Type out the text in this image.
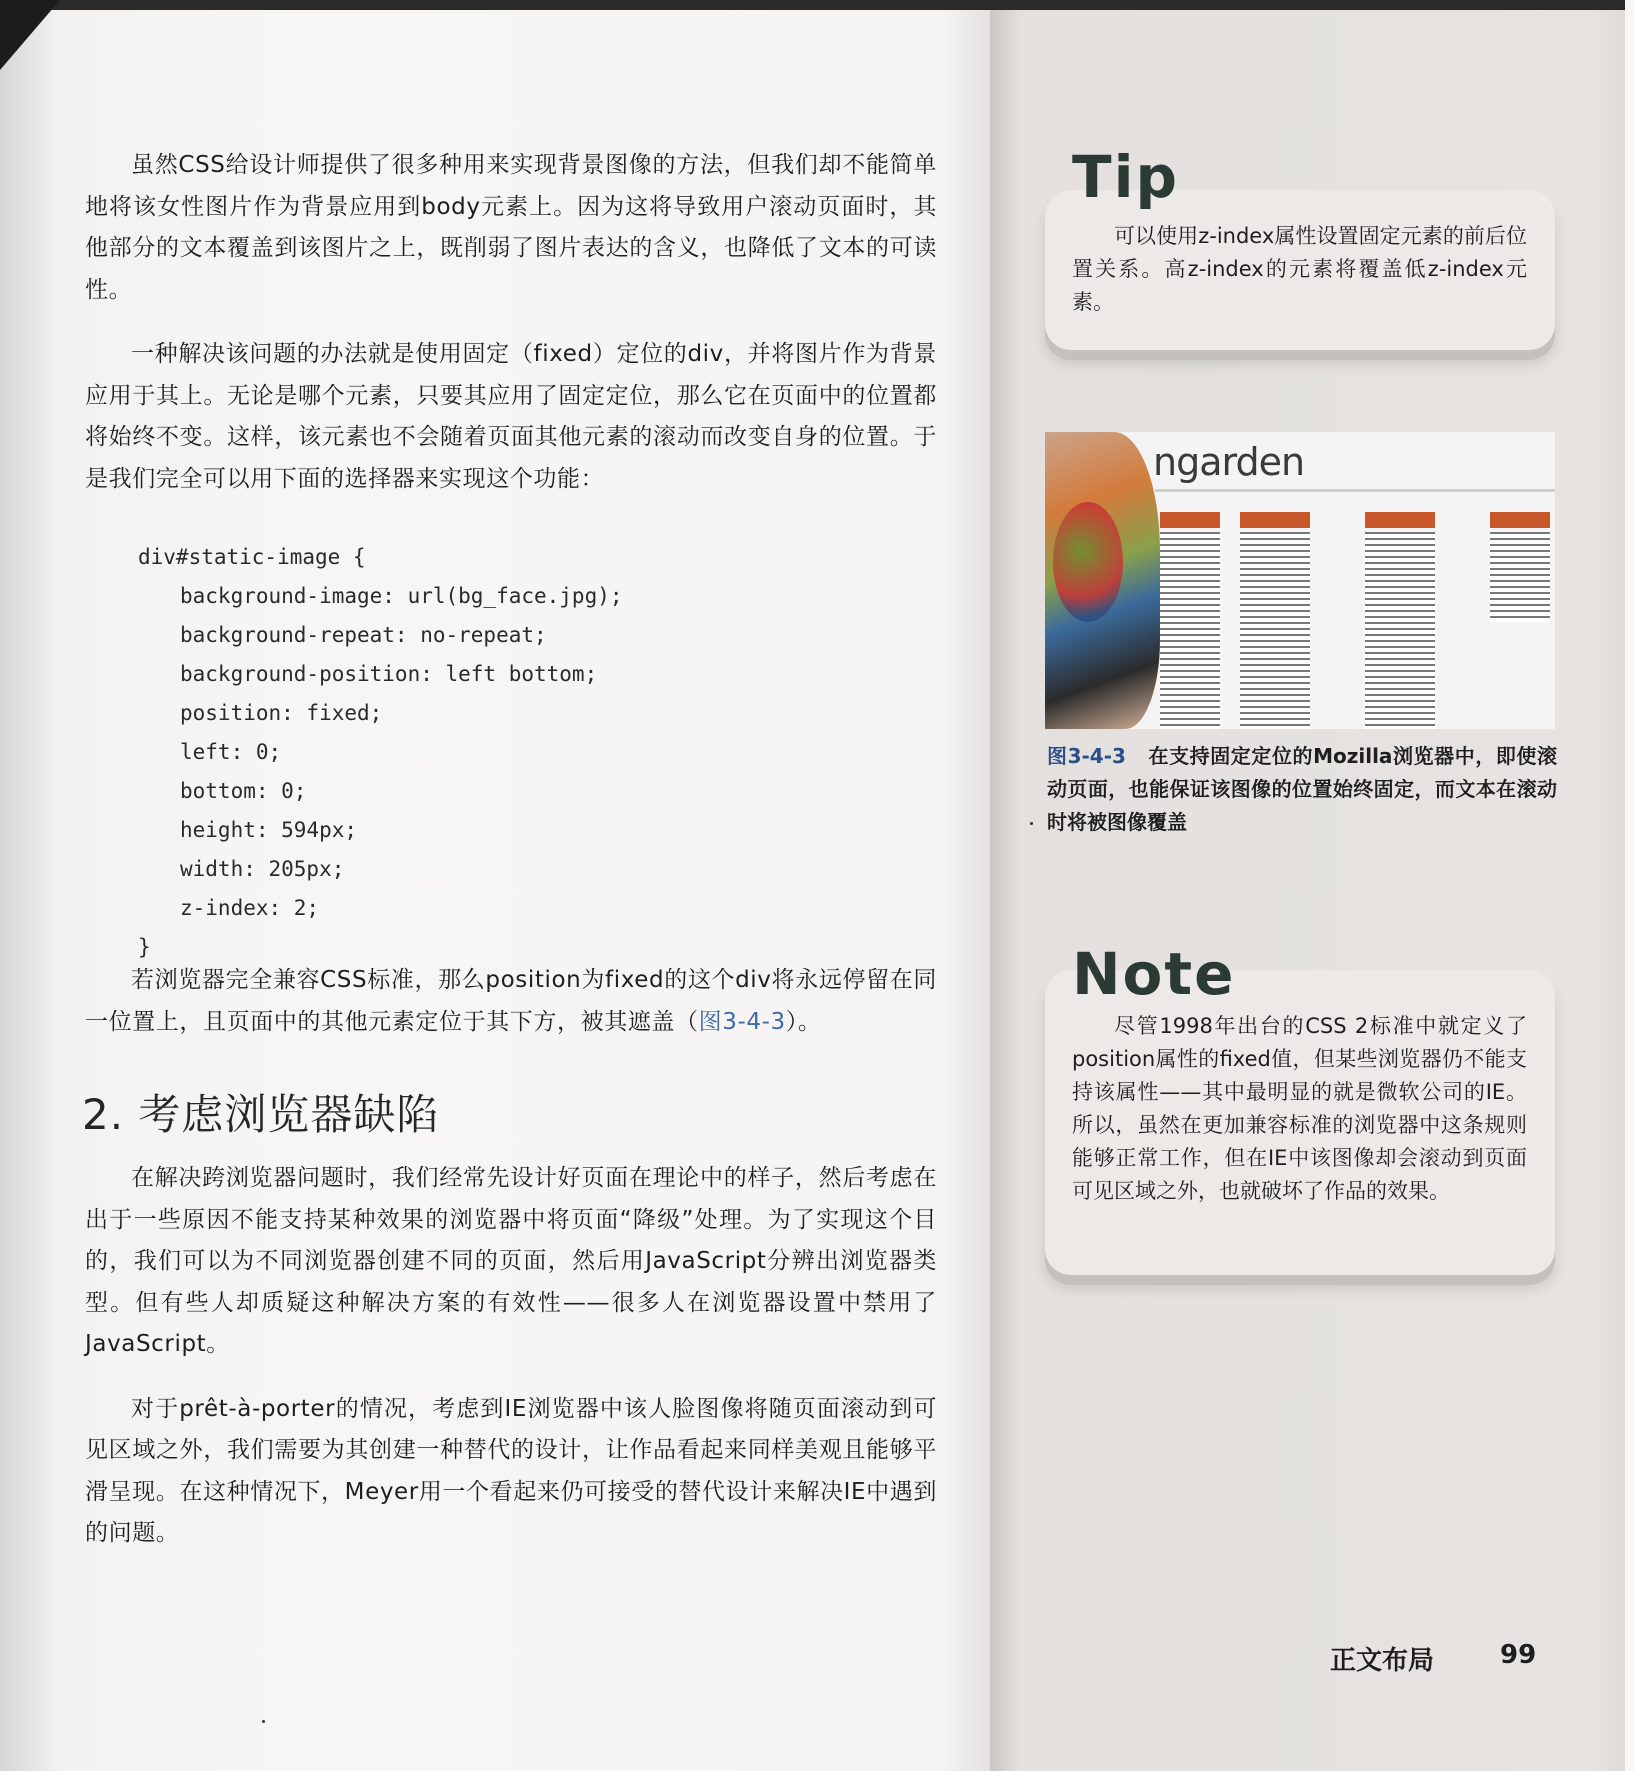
虽然CSS给设计师提供了很多种用来实现背景图像的方法，但我们却不能简单地将该女性图片作为背景应用到body元素上。因为这将导致用户滚动页面时，其他部分的文本覆盖到该图片之上，既削弱了图片表达的含义，也降低了文本的可读性。

一种解决该问题的办法就是使用固定（fixed）定位的div，并将图片作为背景应用于其上。无论是哪个元素，只要其应用了固定定位，那么它在页面中的位置都将始终不变。这样，该元素也不会随着页面其他元素的滚动而改变自身的位置。于是我们完全可以用下面的选择器来实现这个功能：

div#static-image {
background-image: url(bg_face.jpg);
background-repeat: no-repeat;
background-position: left bottom;
position: fixed;
left: 0;
bottom: 0;
height: 594px;
width: 205px;
z-index: 2;
}

若浏览器完全兼容CSS标准，那么position为fixed的这个div将永远停留在同一位置上，且页面中的其他元素定位于其下方，被其遮盖（图3-4-3）。

2. 考虑浏览器缺陷

在解决跨浏览器问题时，我们经常先设计好页面在理论中的样子，然后考虑在出于一些原因不能支持某种效果的浏览器中将页面“降级”处理。为了实现这个目的，我们可以为不同浏览器创建不同的页面，然后用JavaScript分辨出浏览器类型。但有些人却质疑这种解决方案的有效性——很多人在浏览器设置中禁用了JavaScript。

对于prêt-à-porter的情况，考虑到IE浏览器中该人脸图像将随页面滚动到可见区域之外，我们需要为其创建一种替代的设计，让作品看起来同样美观且能够平滑呈现。在这种情况下，Meyer用一个看起来仍可接受的替代设计来解决IE中遇到的问题。

Tip

可以使用z-index属性设置固定元素的前后位置关系。高z-index的元素将覆盖低z-index元素。

ngarden
图3-4-3 在支持固定定位的Mozilla浏览器中，即使滚动页面，也能保证该图像的位置始终固定，而文本在滚动时将被图像覆盖
Note

尽管1998年出台的CSS 2标准中就定义了position属性的fixed值，但某些浏览器仍不能支持该属性——其中最明显的就是微软公司的IE。所以，虽然在更加兼容标准的浏览器中这条规则能够正常工作，但在IE中该图像却会滚动到页面可见区域之外，也就破坏了作品的效果。

正文布局	99
